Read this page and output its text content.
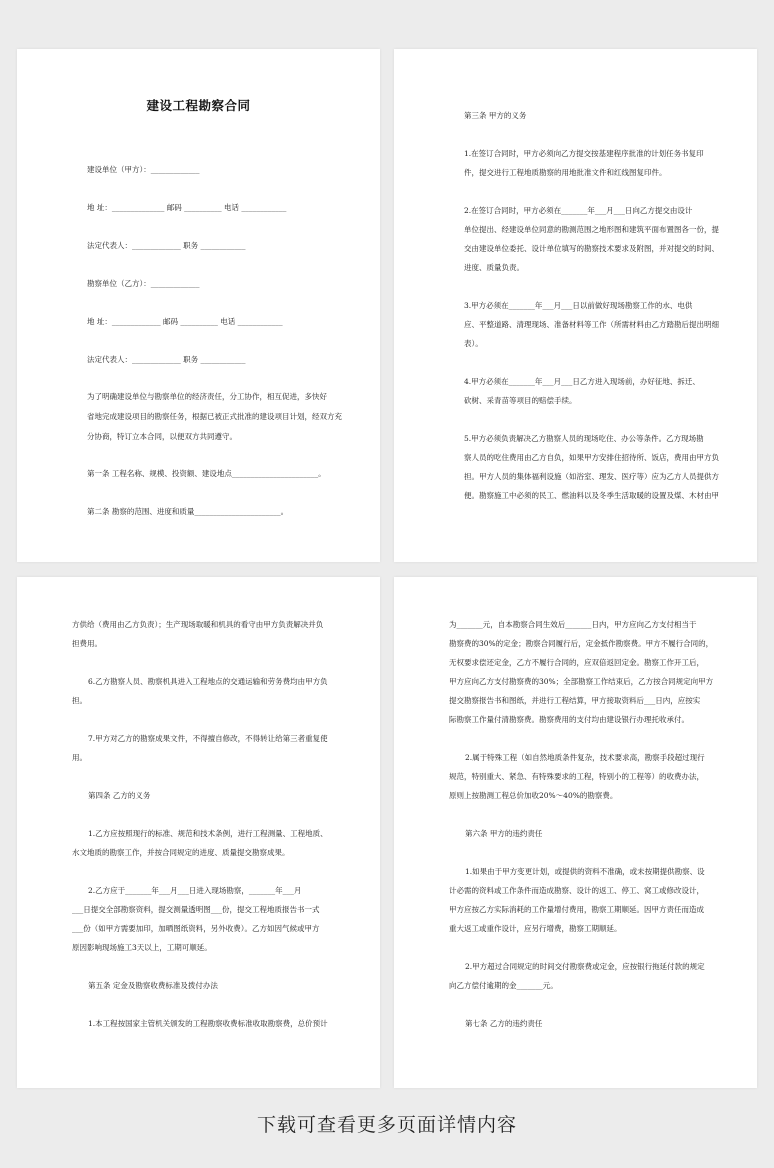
建设工程勘察合同
建设单位（甲方）：_____________
地 址：______________ 邮码 __________ 电话 ____________
法定代表人：_____________ 职务 ____________
勘察单位（乙方）：_____________
地 址：_____________ 邮码 __________ 电话 ____________
法定代表人：_____________ 职务 ____________
为了明确建设单位与勘察单位的经济责任，分工协作，相互促进，多快好
省地完成建设项目的勘察任务，根据已被正式批准的建设项目计划，经双方充
分协商，特订立本合同，以便双方共同遵守。
第一条 工程名称、规模、投资额、建设地点_______________________。
第二条 勘察的范围、进度和质量_______________________。
第三条 甲方的义务
1.在签订合同时，甲方必须向乙方提交按基建程序批准的计划任务书复印
件，提交进行工程地质勘察的用地批准文件和红线图复印件。
2.在签订合同时，甲方必须在_______年___月___日向乙方提交由设计
单位提出、经建设单位同意的勘测范围之地形图和建筑平面布置图各一份，提
交由建设单位委托、设计单位填写的勘察技术要求及附图，并对提交的时间、
进度、质量负责。
3.甲方必须在_______年___月___日以前做好现场勘察工作的水、电供
应、平整道路、清理现场、准备材料等工作（所需材料由乙方踏勘后提出明细
表）。
4.甲方必须在_______年___月___日乙方进入现场前，办好征地、拆迁、
砍树、采青苗等项目的赔偿手续。
5.甲方必须负责解决乙方勘察人员的现场吃住、办公等条件。乙方现场勘
察人员的吃住费用由乙方自负，如果甲方安排住招待所、饭店，费用由甲方负
担。甲方人员的集体福利设施（如浴室、理发、医疗等）应为乙方人员提供方
便。勘察施工中必须的民工、燃油料以及冬季生活取暖的设置及煤、木材由甲
方供给（费用由乙方负责）；生产现场取暖和机具的看守由甲方负责解决并负
担费用。
6.乙方勘察人员、勘察机具进入工程地点的交通运输和劳务费均由甲方负
担。
7.甲方对乙方的勘察成果文件，不得擅自修改，不得转让给第三者重复使
用。
第四条 乙方的义务
1.乙方应按照现行的标准、规范和技术条例，进行工程测量、工程地质、
水文地质的勘察工作，并按合同规定的进度、质量提交勘察成果。
2.乙方应于_______年___月___日进入现场勘察，_______年___月
___日提交全部勘察资料，提交测量透明图___份，提交工程地质报告书一式
___份（如甲方需要加印，加晒图纸资料，另外收费）。乙方如因气候或甲方
原因影响现场施工3天以上，工期可顺延。
第五条 定金及勘察收费标准及拨付办法
1.本工程按国家主管机关颁发的工程勘察收费标准收取勘察费，总价预计
为_______元，自本勘察合同生效后_______日内，甲方应向乙方支付相当于
勘察费的30%的定金；勘察合同履行后，定金抵作勘察费。甲方不履行合同的，
无权要求偿还定金，乙方不履行合同的，应双倍返回定金。勘察工作开工后，
甲方应向乙方支付勘察费的30%；全部勘察工作结束后，乙方按合同规定向甲方
提交勘察报告书和图纸，并进行工程结算，甲方接取资料后___日内，应按实
际勘察工作量付清勘察费。勘察费用的支付均由建设银行办理托收承付。
2.属于特殊工程（如自然地质条件复杂，技术要求高，勘察手段超过现行
规范，特别重大、紧急、有特殊要求的工程，特别小的工程等）的收费办法，
原则上按勘测工程总价加收20%～40%的勘察费。
第六条 甲方的违约责任
1.如果由于甲方变更计划，或提供的资料不准确，或未按期提供勘察、设
计必需的资料或工作条件而造成勘察、设计的返工、停工、窝工或修改设计，
甲方应按乙方实际消耗的工作量增付费用，勘察工期顺延。因甲方责任而造成
重大返工或重作设计，应另行增费，勘察工期顺延。
2.甲方超过合同规定的时间交付勘察费或定金，应按银行拖延付款的规定
向乙方偿付逾期的金_______元。
第七条 乙方的违约责任
下载可查看更多页面详情内容
